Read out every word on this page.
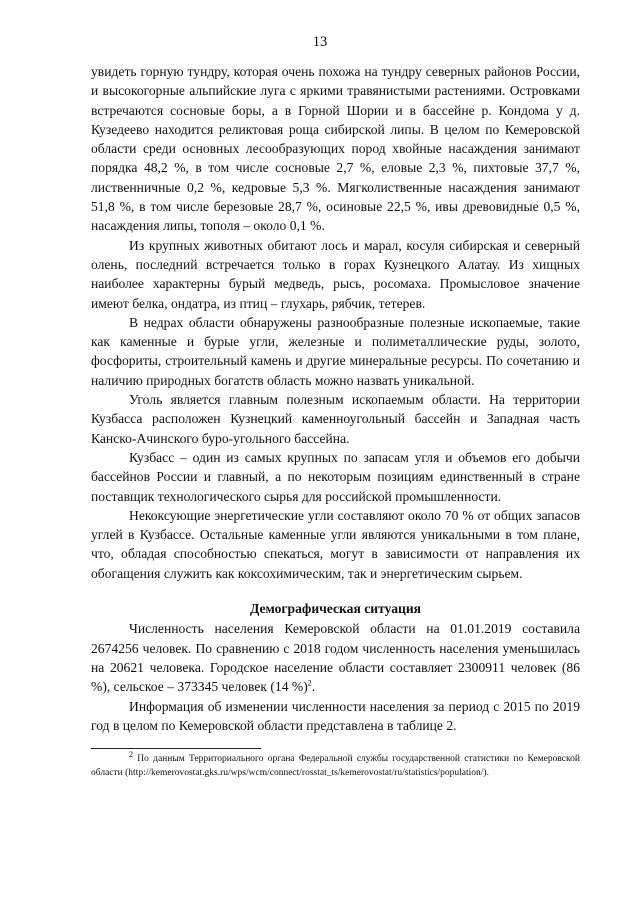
13

увидеть горную тундру, которая очень похожа на тундру северных районов России, и высокогорные альпийские луга с яркими травянистыми растениями. Островками встречаются сосновые боры, а в Горной Шории и в бассейне р. Кондома у д. Кузедеево находится реликтовая роща сибирской липы. В целом по Кемеровской области среди основных лесообразующих пород хвойные насаждения занимают порядка 48,2 %, в том числе сосновые 2,7 %, еловые 2,3 %, пихтовые 37,7 %, лиственничные 0,2 %, кедровые 5,3 %. Мягколиственные насаждения занимают 51,8 %, в том числе березовые 28,7 %, осиновые 22,5 %, ивы древовидные 0,5 %, насаждения липы, тополя – около 0,1 %.

Из крупных животных обитают лось и марал, косуля сибирская и северный олень, последний встречается только в горах Кузнецкого Алатау. Из хищных наиболее характерны бурый медведь, рысь, росомаха. Промысловое значение имеют белка, ондатра, из птиц – глухарь, рябчик, тетерев.

В недрах области обнаружены разнообразные полезные ископаемые, такие как каменные и бурые угли, железные и полиметаллические руды, золото, фосфориты, строительный камень и другие минеральные ресурсы. По сочетанию и наличию природных богатств область можно назвать уникальной.

Уголь является главным полезным ископаемым области. На территории Кузбасса расположен Кузнецкий каменноугольный бассейн и Западная часть Канско-Ачинского буро-угольного бассейна.

Кузбасс – один из самых крупных по запасам угля и объемов его добычи бассейнов России и главный, а по некоторым позициям единственный в стране поставщик технологического сырья для российской промышленности.

Некоксующие энергетические угли составляют около 70 % от общих запасов углей в Кузбассе. Остальные каменные угли являются уникальными в том плане, что, обладая способностью спекаться, могут в зависимости от направления их обогащения служить как коксохимическим, так и энергетическим сырьем.

Демографическая ситуация

Численность населения Кемеровской области на 01.01.2019 составила 2674256 человек. По сравнению с 2018 годом численность населения уменьшилась на 20621 человека. Городское население области составляет 2300911 человек (86 %), сельское – 373345 человек (14 %)$^2$.

Информация об изменении численности населения за период с 2015 по 2019 год в целом по Кемеровской области представлена в таблице 2.

$^2$ По данным Территориального органа Федеральной службы государственной статистики по Кемеровской области (http://kemerovostat.gks.ru/wps/wcm/connect/rosstat_ts/kemerovostat/ru/statistics/population/).
